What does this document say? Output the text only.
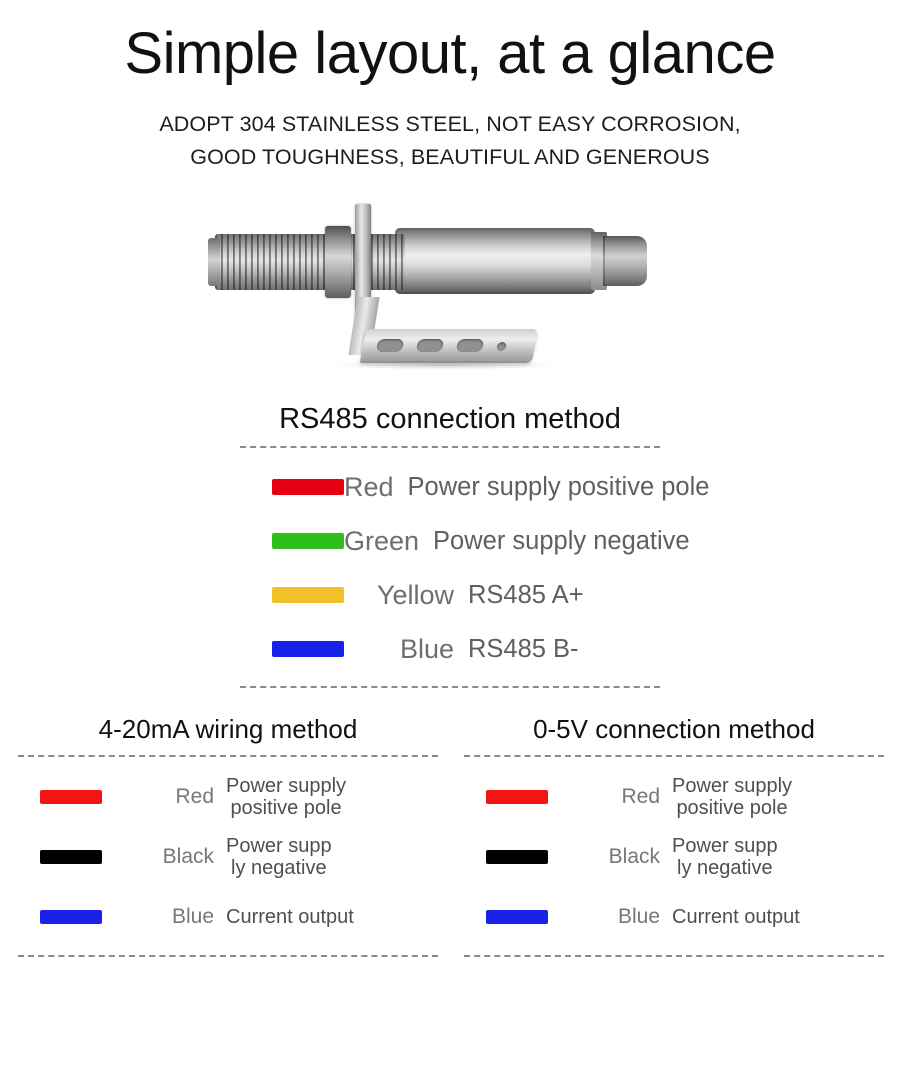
Simple layout, at a glance
ADOPT 304 STAINLESS STEEL, NOT EASY CORROSION,
GOOD TOUGHNESS, BEAUTIFUL AND GENEROUS
RS485 connection method
Red Power supply positive pole
Green Power supply negative
Yellow RS485 A+
Blue RS485 B-
4-20mA wiring method
Red Power supply
positive pole
Black Power supp
ly negative
Blue Current output
0-5V connection method
Red Power supply
positive pole
Black Power supp
ly negative
Blue Current output
